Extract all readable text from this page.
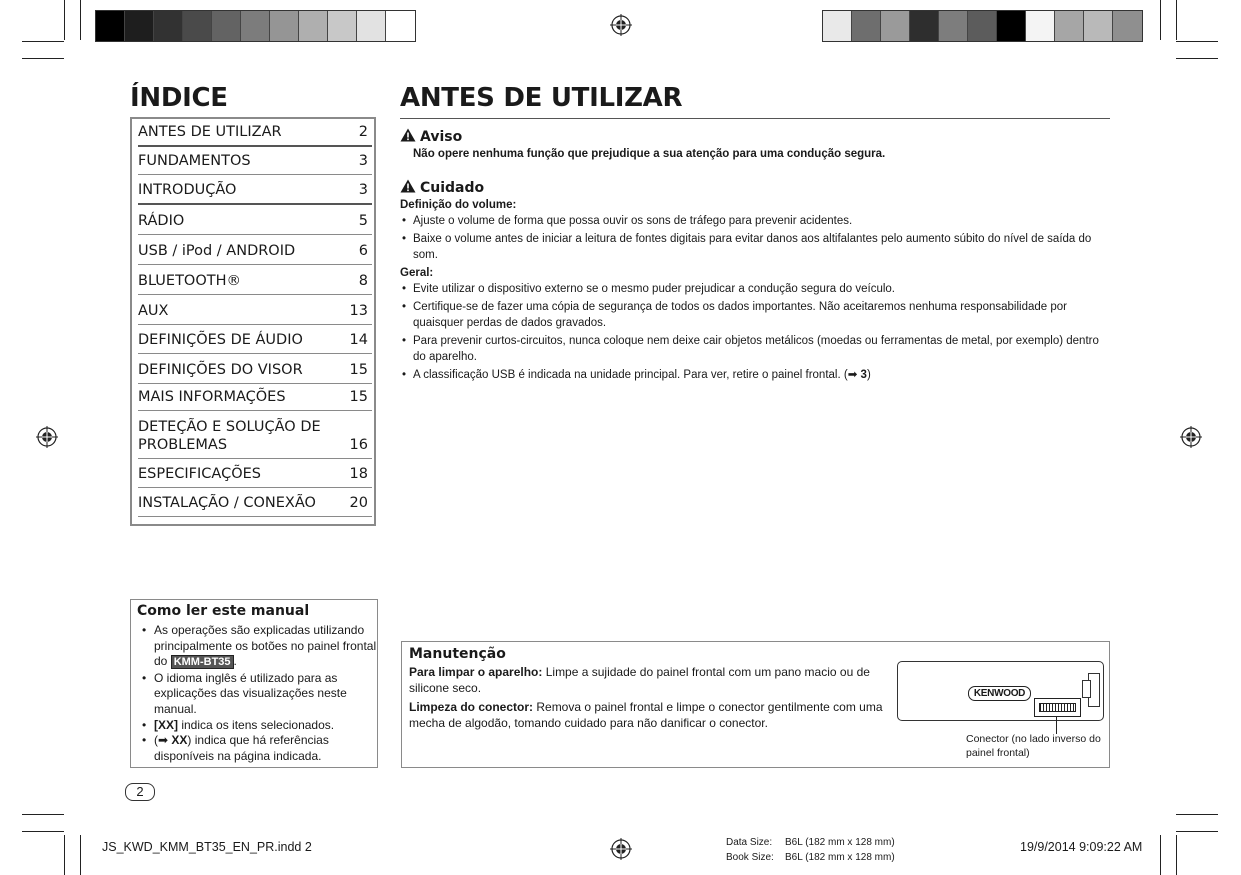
ÍNDICE
ANTES DE UTILIZAR	2
FUNDAMENTOS	3
INTRODUÇÃO	3
RÁDIO	5
USB / iPod / ANDROID	6
BLUETOOTH®	8
AUX	13
DEFINIÇÕES DE ÁUDIO	14
DEFINIÇÕES DO VISOR	15
MAIS INFORMAÇÕES	15
DETEÇÃO E SOLUÇÃO DE
PROBLEMAS	16
ESPECIFICAÇÕES	18
INSTALAÇÃO / CONEXÃO 20
ANTES DE UTILIZAR
Aviso
Não opere nenhuma função que prejudique a sua atenção para uma condução segura.
Cuidado
Definição do volume:
• Ajuste o volume de forma que possa ouvir os sons de tráfego para prevenir acidentes.
• Baixe o volume antes de iniciar a leitura de fontes digitais para evitar danos aos altifalantes pelo aumento súbito do nível de saída do som.
Geral:
• Evite utilizar o dispositivo externo se o mesmo puder prejudicar a condução segura do veículo.
• Certifique-se de fazer uma cópia de segurança de todos os dados importantes. Não aceitaremos nenhuma responsabilidade por quaisquer perdas de dados gravados.
• Para prevenir curtos-circuitos, nunca coloque nem deixe cair objetos metálicos (moedas ou ferramentas de metal, por exemplo) dentro do aparelho.
• A classificação USB é indicada na unidade principal. Para ver, retire o painel frontal. (➡ 3)
Como ler este manual
• As operações são explicadas utilizando principalmente os botões no painel frontal do KMM-BT35 .
• O idioma inglês é utilizado para as explicações das visualizações neste manual.
• [XX] indica os itens selecionados.
• (➡ XX) indica que há referências disponíveis na página indicada.
Manutenção
Para limpar o aparelho: Limpe a sujidade do painel frontal com um pano macio ou de silicone seco.
Limpeza do conector: Remova o painel frontal e limpe o conector gentilmente com uma mecha de algodão, tomando cuidado para não danificar o conector.
KENWOOD
Conector (no lado inverso do
painel frontal)
2
JS_KWD_KMM_BT35_EN_PR.indd 2	Data Size: B6L (182 mm x 128 mm)
Book Size: B6L (182 mm x 128 mm)
19/9/2014 9:09:22 AM
